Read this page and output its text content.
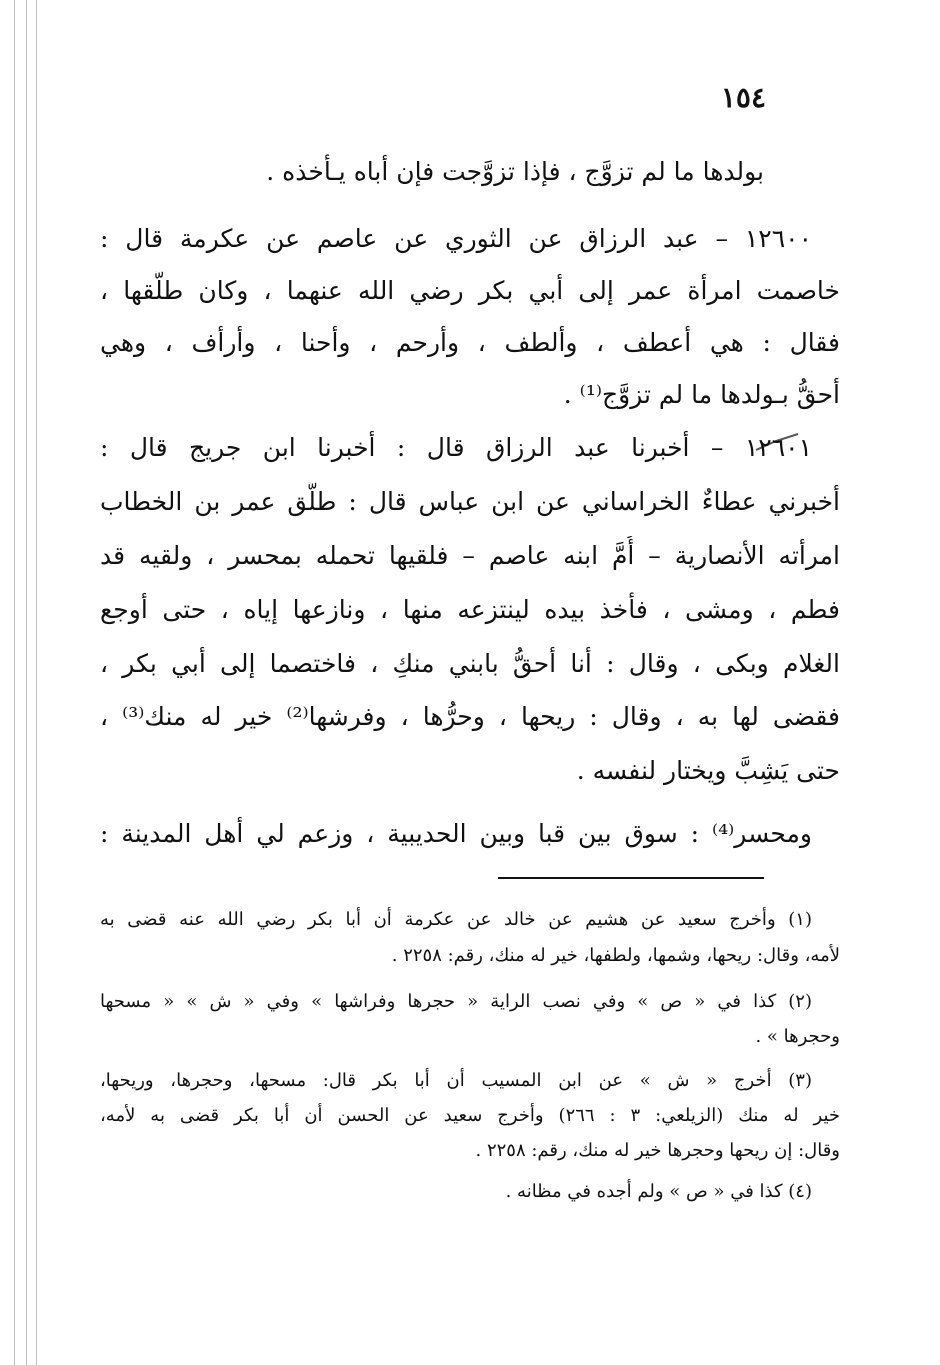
١٥٤
بولدها ما لم تزوَّج ، فإذا تزوَّجت فإن أباه يـأخذه .
١٢٦٠٠ – عبد الرزاق عن الثوري عن عاصم عن عكرمة قال :
خاصمت امرأة عمر إلى أبي بكر رضي الله عنهما ، وكان طلَّقها ،
فقال : هي أعطف ، وألطف ، وأرحم ، وأحنا ، وأرأف ، وهي
أحقُّ بـولدها ما لم تزوَّج⁽¹⁾ .
١٢٦٠١ – أخبرنا عبد الرزاق قال : أخبرنا ابن جريج قال :
أخبرني عطاءٌ الخراساني عن ابن عباس قال : طلَّق عمر بن الخطاب
امرأته الأنصارية – أُمَّ ابنه عاصم – فلقيها تحمله بمحسر ، ولقيه قد
فطم ، ومشى ، فأخذ بيده لينتزعه منها ، ونازعها إياه ، حتى أوجع
الغلام وبكى ، وقال : أنا أحقُّ بابني منكِ ، فاختصما إلى أبي بكر ،
فقضى لها به ، وقال : ريحها ، وحرُّها ، وفرشها⁽²⁾ خير له منك⁽³⁾ ،
حتى يَشِبَّ ويختار لنفسه .
ومحسر⁽⁴⁾ : سوق بين قبا وبين الحديبية ، وزعم لي أهل المدينة :
(١) وأخرج سعيد عن هشيم عن خالد عن عكرمة أن أبا بكر رضي الله عنه قضى به
لأمه، وقال: ريحها، وشمها، ولطفها، خير له منك، رقم: ٢٢٥٨ .
(٢) كذا في « ص » وفي نصب الراية « حجرها وفراشها » وفي « ش » « مسحها
وحجرها » .
(٣) أخرج « ش » عن ابن المسيب أن أبا بكر قال: مسحها، وحجرها، وريحها،
خير له منك (الزيلعي: ٣ : ٢٦٦) وأخرج سعيد عن الحسن أن أبا بكر قضى به لأمه،
وقال: إن ريحها وحجرها خير له منك، رقم: ٢٢٥٨ .
(٤) كذا في « ص » ولم أجده في مظانه .
